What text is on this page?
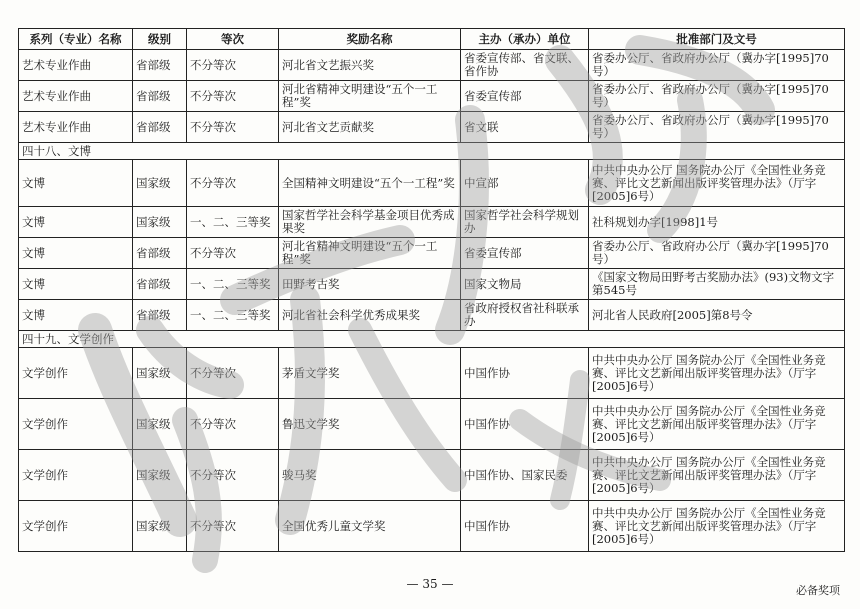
系列（专业）名称	级别	等次	奖励名称	主办（承办）单位	批准部门及文号
艺术专业作曲	省部级	不分等次	河北省文艺振兴奖	省委宣传部、省文联、省作协	省委办公厅、省政府办公厅（冀办字[1995]70号）
艺术专业作曲	省部级	不分等次	河北省精神文明建设“五个一工程”奖	省委宣传部	省委办公厅、省政府办公厅（冀办字[1995]70号）
艺术专业作曲	省部级	不分等次	河北省文艺贡献奖	省文联	省委办公厅、省政府办公厅（冀办字[1995]70号）
四十八、文博					
文博	国家级	不分等次	全国精神文明建设“五个一工程”奖	中宣部	中共中央办公厅 国务院办公厅《全国性业务竞赛、评比文艺新闻出版评奖管理办法》（厅字[2005]6号）
文博	国家级	一、二、三等奖	国家哲学社会科学基金项目优秀成果奖	国家哲学社会科学规划办	社科规划办字[1998]1号
文博	省部级	不分等次	河北省精神文明建设“五个一工程”奖	省委宣传部	省委办公厅、省政府办公厅（冀办字[1995]70号）
文博	省部级	一、二、三等奖	田野考古奖	国家文物局	《国家文物局田野考古奖励办法》(93)文物文字第545号
文博	省部级	一、二、三等奖	河北省社会科学优秀成果奖	省政府授权省社科联承办	河北省人民政府[2005]第8号令
四十九、文学创作					
文学创作	国家级	不分等次	茅盾文学奖	中国作协	中共中央办公厅 国务院办公厅《全国性业务竞赛、评比文艺新闻出版评奖管理办法》（厅字[2005]6号）
文学创作	国家级	不分等次	鲁迅文学奖	中国作协	中共中央办公厅 国务院办公厅《全国性业务竞赛、评比文艺新闻出版评奖管理办法》（厅字[2005]6号）
文学创作	国家级	不分等次	骏马奖	中国作协、国家民委	中共中央办公厅 国务院办公厅《全国性业务竞赛、评比文艺新闻出版评奖管理办法》（厅字[2005]6号）
文学创作	国家级	不分等次	全国优秀儿童文学奖	中国作协	中共中央办公厅 国务院办公厅《全国性业务竞赛、评比文艺新闻出版评奖管理办法》（厅字[2005]6号）
— 35 —	必备奖项
